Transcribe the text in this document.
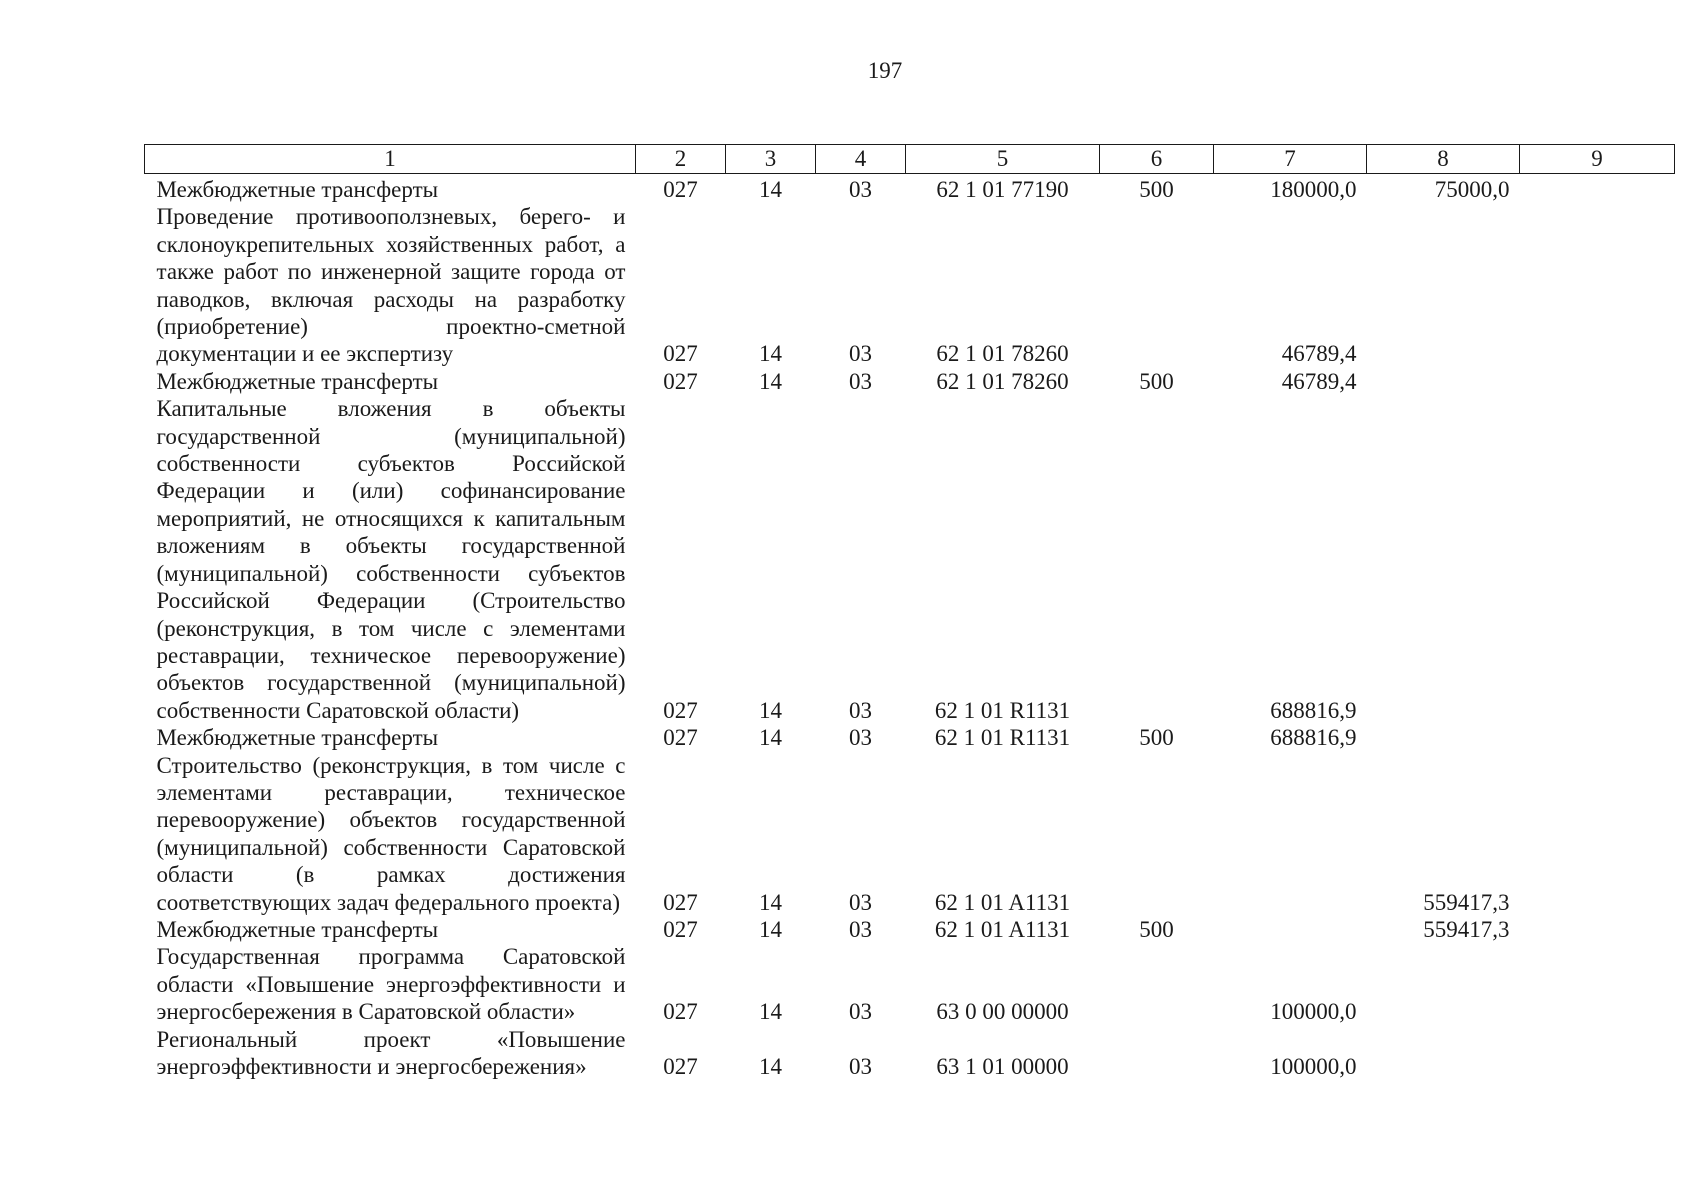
197
1	2	3	4	5	6	7	8	9
Межбюджетные трансферты	027	14	03	62 1 01 77190	500	180000,0	75000,0	
Проведение противооползневых, берего- и склоноукрепительных хозяйственных работ, а также работ по инженерной защите города от паводков, включая расходы на разработку (приобретение) проектно-сметной документации и ее экспертизу	027	14	03	62 1 01 78260		46789,4		
Межбюджетные трансферты	027	14	03	62 1 01 78260	500	46789,4		
Капитальные вложения в объекты государственной (муниципальной) собственности субъектов Российской Федерации и (или) софинансирование мероприятий, не относящихся к капитальным вложениям в объекты государственной (муниципальной) собственности субъектов Российской Федерации (Строительство (реконструкция, в том числе с элементами реставрации, техническое перевооружение) объектов государственной (муниципальной) собственности Саратовской области)	027	14	03	62 1 01 R1131		688816,9		
Межбюджетные трансферты	027	14	03	62 1 01 R1131	500	688816,9		
Строительство (реконструкция, в том числе с элементами реставрации, техническое перевооружение) объектов государственной (муниципальной) собственности Саратовской области (в рамках достижения соответствующих задач федерального проекта)	027	14	03	62 1 01 A1131			559417,3	
Межбюджетные трансферты	027	14	03	62 1 01 A1131	500		559417,3	
Государственная программа Саратовской области «Повышение энергоэффективности и энергосбережения в Саратовской области»	027	14	03	63 0 00 00000		100000,0		
Региональный проект «Повышение энергоэффективности и энергосбережения»	027	14	03	63 1 01 00000		100000,0		
